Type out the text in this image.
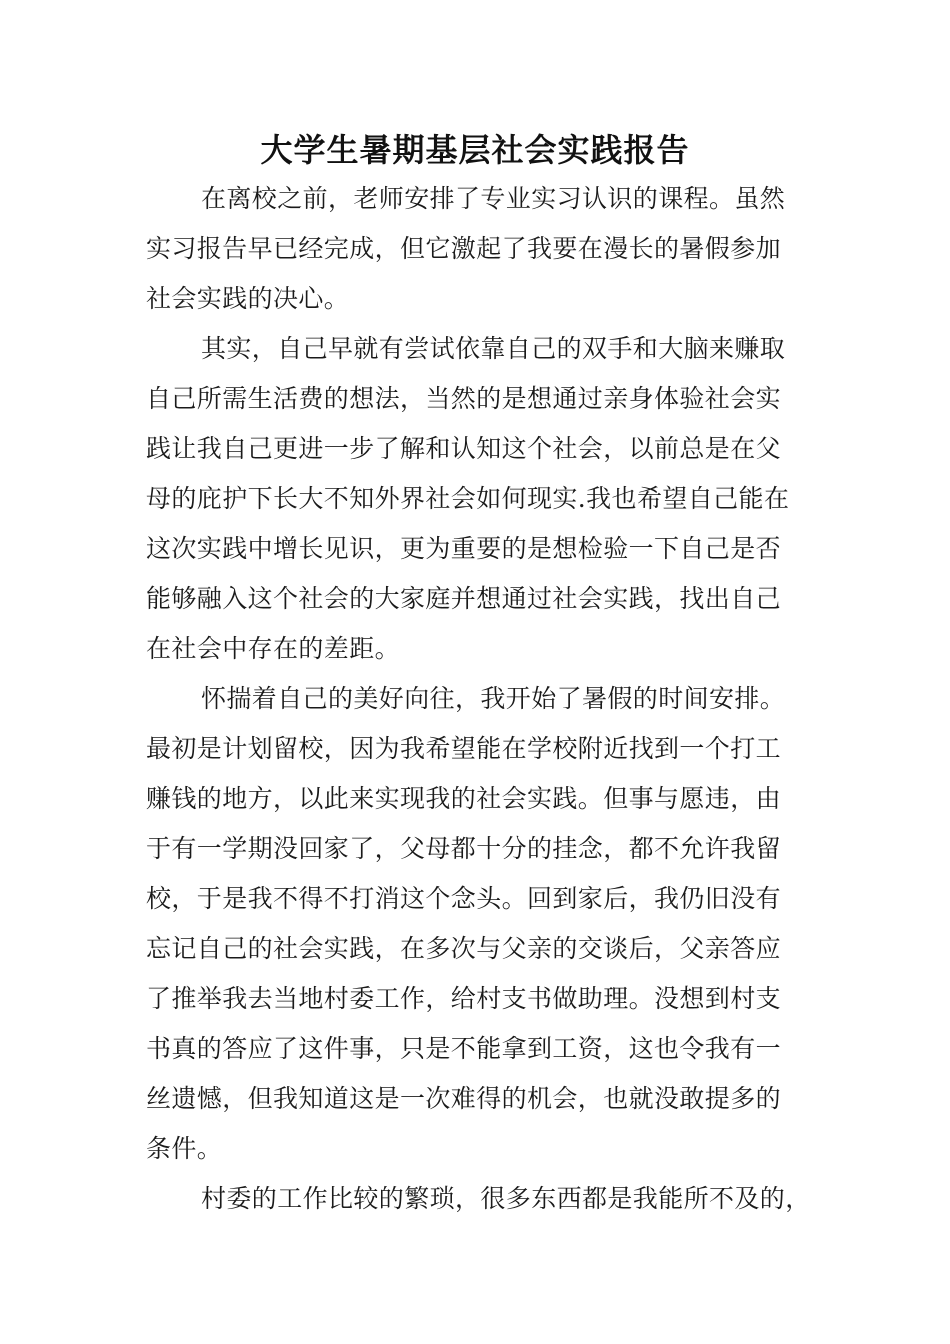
大学生暑期基层社会实践报告
在离校之前，老师安排了专业实习认识的课程。虽然
实习报告早已经完成，但它激起了我要在漫长的暑假参加
社会实践的决心。
其实，自己早就有尝试依靠自己的双手和大脑来赚取
自己所需生活费的想法，当然的是想通过亲身体验社会实
践让我自己更进一步了解和认知这个社会，以前总是在父
母的庇护下长大不知外界社会如何现实.我也希望自己能在
这次实践中增长见识，更为重要的是想检验一下自己是否
能够融入这个社会的大家庭并想通过社会实践，找出自己
在社会中存在的差距。
怀揣着自己的美好向往，我开始了暑假的时间安排。
最初是计划留校，因为我希望能在学校附近找到一个打工
赚钱的地方，以此来实现我的社会实践。但事与愿违，由
于有一学期没回家了，父母都十分的挂念，都不允许我留
校，于是我不得不打消这个念头。回到家后，我仍旧没有
忘记自己的社会实践，在多次与父亲的交谈后，父亲答应
了推举我去当地村委工作，给村支书做助理。没想到村支
书真的答应了这件事，只是不能拿到工资，这也令我有一
丝遗憾，但我知道这是一次难得的机会，也就没敢提多的
条件。
村委的工作比较的繁琐，很多东西都是我能所不及的，
